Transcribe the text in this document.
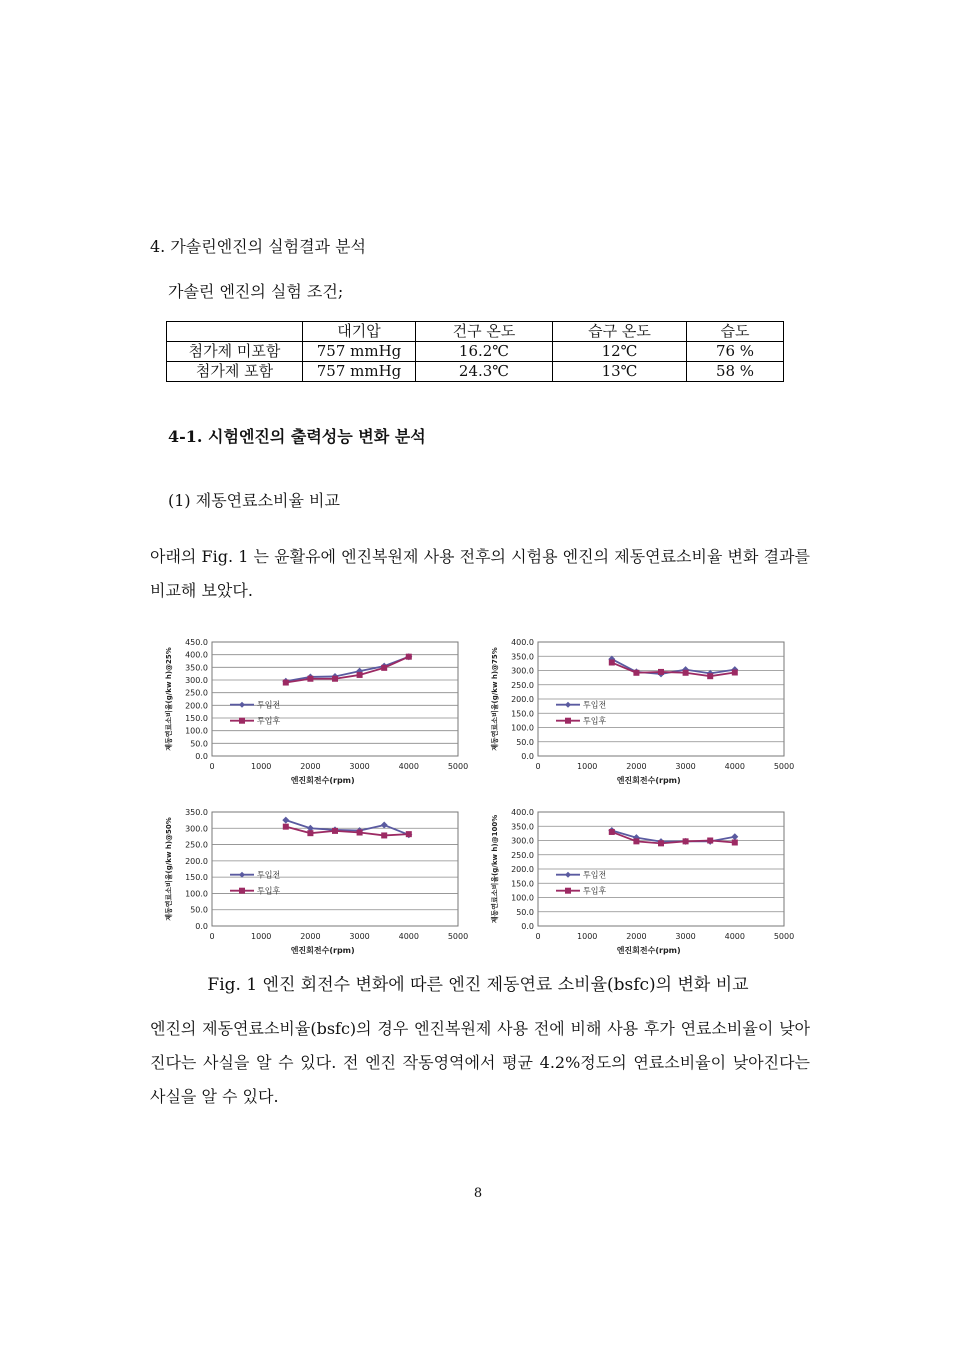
4. 가솔린엔진의 실험결과 분석
가솔린 엔진의 실험 조건;
	대기압	건구 온도	습구 온도	습도
첨가제 미포함	757 mmHg	16.2℃	12℃	76 %
첨가제 포함	757 mmHg	24.3℃	13℃	58 %
4-1. 시험엔진의 출력성능 변화 분석
(1) 제동연료소비율 비교
아래의 Fig. 1 는 윤활유에 엔진복원제 사용 전후의 시험용 엔진의 제동연료소비율 변화 결과를 비교해 보았다.
0.0
50.0
100.0
150.0
200.0
250.0
300.0
350.0
400.0
450.0
0	1000	2000	3000	4000	5000
엔진회전수(rpm)
제동연료소비율(g/kw h)@25%	투입전
투입후
0.0
50.0
100.0
150.0
200.0
250.0
300.0
350.0
400.0
0	1000	2000	3000	4000	5000
엔진회전수(rpm)
제동연료소비율(g/kw h)@75%	투입전
투입후
0.0
50.0
100.0
150.0
200.0
250.0
300.0
350.0
0	1000	2000	3000	4000	5000
엔진회전수(rpm)
제동연료소비율(g/kw h)@50%	투입전
투입후
0.0
50.0
100.0
150.0
200.0
250.0
300.0
350.0
400.0
0	1000	2000	3000	4000	5000
엔진회전수(rpm)
제동연료소비율(g/kw h)@100%	투입전
투입후
Fig. 1 엔진 회전수 변화에 따른 엔진 제동연료 소비율(bsfc)의 변화 비교
엔진의 제동연료소비율(bsfc)의 경우 엔진복원제 사용 전에 비해 사용 후가 연료소비율이 낮아진다는 사실을 알 수 있다. 전 엔진 작동영역에서 평균 4.2%정도의 연료소비율이 낮아진다는 사실을 알 수 있다.
8
